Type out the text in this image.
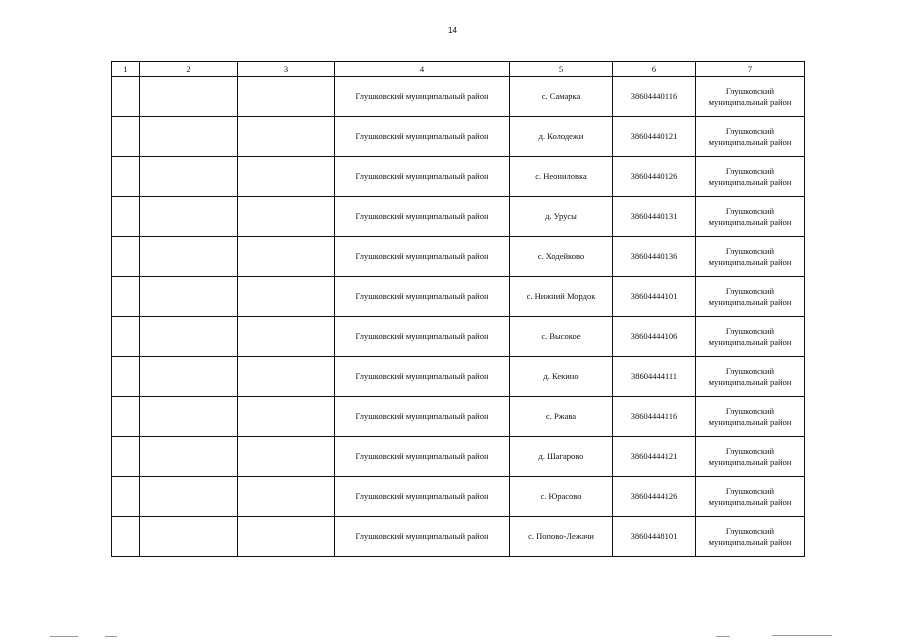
14
1	2	3	4	5	6	7
			Глушковский муниципальный район	с. Самарка	38604440116	Глушковский муниципальный район
			Глушковский муниципальный район	д. Колодежи	38604440121	Глушковский муниципальный район
			Глушковский муниципальный район	с. Неониловка	38604440126	Глушковский муниципальный район
			Глушковский муниципальный район	д. Урусы	38604440131	Глушковский муниципальный район
			Глушковский муниципальный район	с. Ходейково	38604440136	Глушковский муниципальный район
			Глушковский муниципальный район	с. Нижний Мордок	38604444101	Глушковский муниципальный район
			Глушковский муниципальный район	с. Высокое	38604444106	Глушковский муниципальный район
			Глушковский муниципальный район	д. Кекино	38604444111	Глушковский муниципальный район
			Глушковский муниципальный район	с. Ржава	38604444116	Глушковский муниципальный район
			Глушковский муниципальный район	д. Шагарово	38604444121	Глушковский муниципальный район
			Глушковский муниципальный район	с. Юрасово	38604444126	Глушковский муниципальный район
			Глушковский муниципальный район	с. Попово-Лежачи	38604448101	Глушковский муниципальный район
